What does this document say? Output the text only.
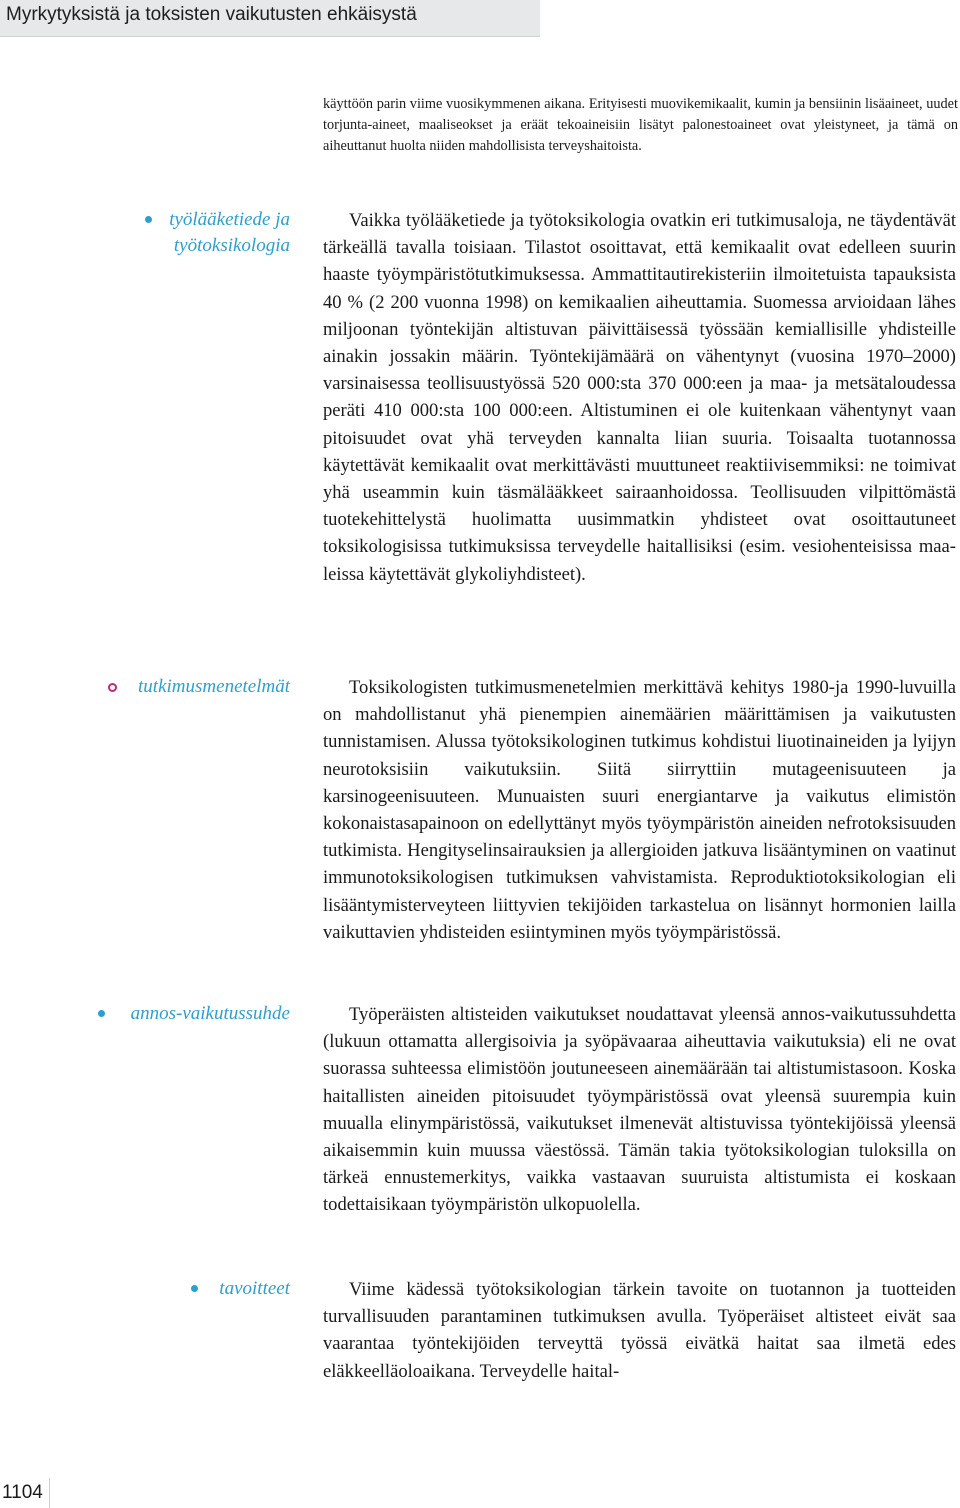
Myrkytyksistä ja toksisten vaikutusten ehkäisystä

käyttöön parin viime vuosikymmenen aikana. Erityisesti muovikemikaalit, kumin ja bensiinin lisäaineet, uudet torjunta-aineet, maaliseokset ja eräät tekoaineisiin lisätyt palonestoaineet ovat yleistyneet, ja tämä on aiheuttanut huolta niiden mahdollisista terveyshaitoista.

työlääketiede ja
työtoksikologia

Vaikka työlääketiede ja työtoksikologia ovatkin eri tutkimusaloja, ne täydentävät tärkeällä tavalla toisiaan. Tilastot osoittavat, että kemikaalit ovat edelleen suurin haaste työympäristötutkimuksessa. Ammattitautirekisteriin ilmoitetuista tapauksista 40 % (2 200 vuonna 1998) on kemikaalien aiheuttamia. Suomessa arvioidaan lähes miljoonan työntekijän altistuvan päivittäisessä työssään kemiallisille yhdisteille ainakin jossakin määrin. Työntekijämäärä on vähentynyt (vuosina 1970–2000) varsinaisessa teollisuustyössä 520 000:sta 370 000:een ja maa- ja metsätaloudessa peräti 410 000:sta 100 000:een. Altistuminen ei ole kuitenkaan vähentynyt vaan pitoisuudet ovat yhä terveyden kannalta liian suuria. Toisaalta tuotannossa käytettävät kemikaalit ovat merkittävästi muuttuneet reaktiivisemmiksi: ne toimivat yhä useammin kuin täsmälääkkeet sairaanhoidossa. Teollisuuden vilpittömästä tuotekehittelystä huolimatta uusimmatkin yhdisteet ovat osoittautuneet toksikologisissa tutkimuksissa terveydelle haitallisiksi (esim. vesiohenteisissa maaleissa käytettävät glykoliyhdisteet).

tutkimusmenetelmät	Toksikologisten tutkimusmenetelmien merkittävä kehitys 1980-ja 1990-luvuilla on mahdollistanut yhä pienempien ainemäärien määrittämisen ja vaikutusten tunnistamisen. Alussa työtoksikologinen tutkimus kohdistui liuotinaineiden ja lyijyn neurotoksisiin vaikutuksiin. Siitä siirryttiin mutageenisuuteen ja karsinogeenisuuteen. Munuaisten suuri energiantarve ja vaikutus elimistön kokonaistasapainoon on edellyttänyt myös työympäristön aineiden nefrotoksisuuden tutkimista. Hengityselinsairauksien ja allergioiden jatkuva lisääntyminen on vaatinut immunotoksikologisen tutkimuksen vahvistamista. Reproduktiotoksikologian eli lisääntymisterveyteen liittyvien tekijöiden tarkastelua on lisännyt hormonien lailla vaikuttavien yhdisteiden esiintyminen myös työympäristössä.

annos-vaikutussuhde	Työperäisten altisteiden vaikutukset noudattavat yleensä annos-vaikutussuhdetta (lukuun ottamatta allergisoivia ja syöpävaaraa aiheuttavia vaikutuksia) eli ne ovat suorassa suhteessa elimistöön joutuneeseen ainemäärään tai altistumistasoon. Koska haitallisten aineiden pitoisuudet työympäristössä ovat yleensä suurempia kuin muualla elinympäristössä, vaikutukset ilmenevät altistuvissa työntekijöissä yleensä aikaisemmin kuin muussa väestössä. Tämän takia työtoksikologian tuloksilla on tärkeä ennustemerkitys, vaikka vastaavan suuruista altistumista ei koskaan todettaisikaan työympäristön ulkopuolella.

tavoitteet	Viime kädessä työtoksikologian tärkein tavoite on tuotannon ja tuotteiden turvallisuuden parantaminen tutkimuksen avulla. Työperäiset altisteet eivät saa vaarantaa työntekijöiden terveyttä työssä eivätkä haitat saa ilmetä edes eläkkeelläoloaikana. Terveydelle haital-

1104
